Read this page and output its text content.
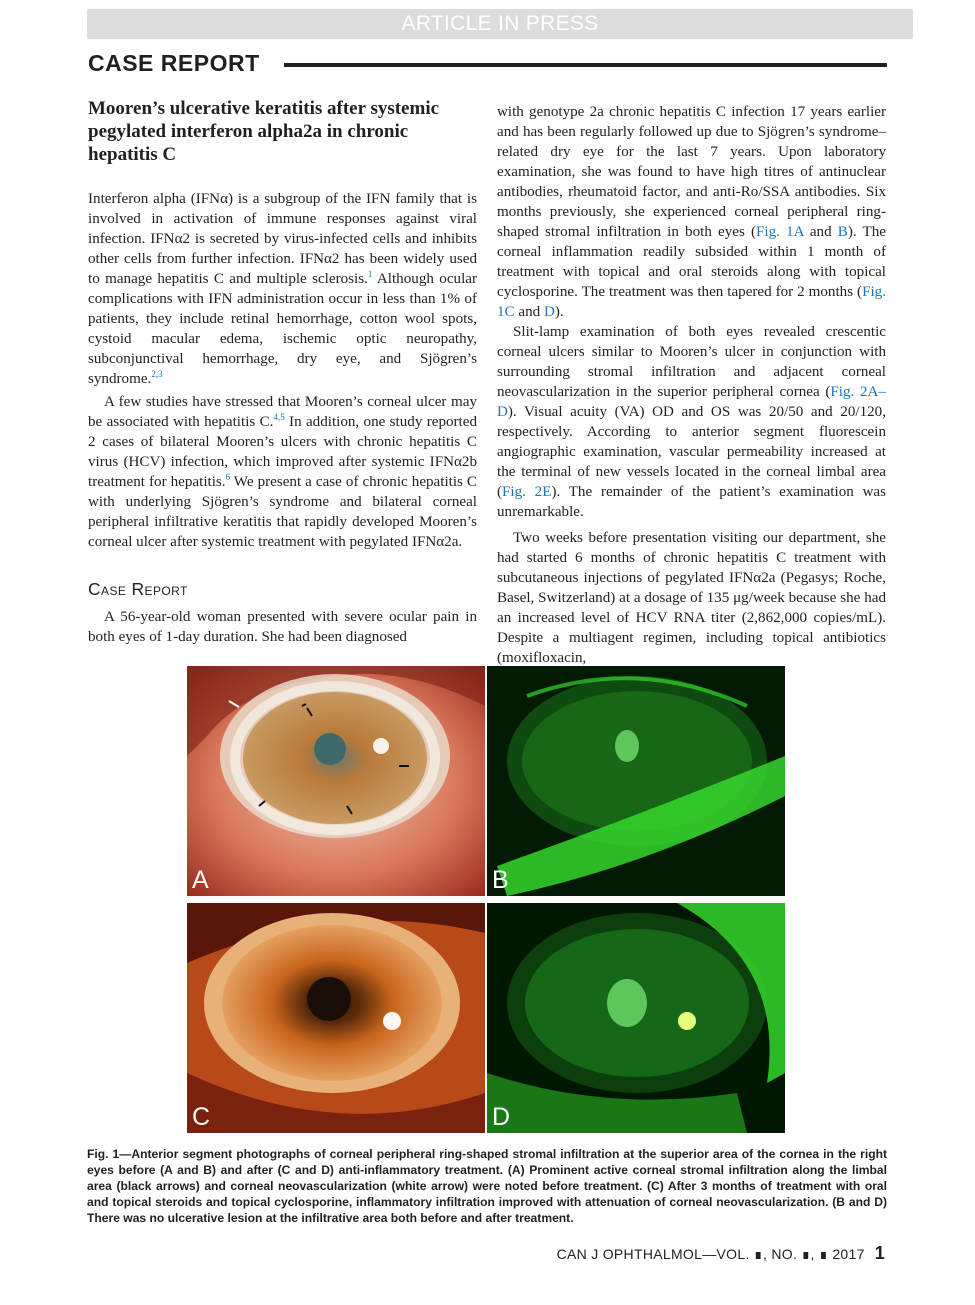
ARTICLE IN PRESS
CASE REPORT
Mooren’s ulcerative keratitis after systemic pegylated interferon alpha2a in chronic hepatitis C

Interferon alpha (IFNα) is a subgroup of the IFN family that is involved in activation of immune responses against viral infection. IFNα2 is secreted by virus-infected cells and inhibits other cells from further infection. IFNα2 has been widely used to manage hepatitis C and multiple sclerosis.$^1$ Although ocular complications with IFN administration occur in less than 1% of patients, they include retinal hemorrhage, cotton wool spots, cystoid macular edema, ischemic optic neuropathy, subconjunctival hemorrhage, dry eye, and Sjögren’s syndrome.$^{2,3}$

A few studies have stressed that Mooren’s corneal ulcer may be associated with hepatitis C.$^{4,5}$ In addition, one study reported 2 cases of bilateral Mooren’s ulcers with chronic hepatitis C virus (HCV) infection, which improved after systemic IFNα2b treatment for hepatitis.$^6$ We present a case of chronic hepatitis C with underlying Sjögren’s syndrome and bilateral corneal peripheral infiltrative keratitis that rapidly developed Mooren’s corneal ulcer after systemic treatment with pegylated IFNα2a.

Case Report

A 56-year-old woman presented with severe ocular pain in both eyes of 1-day duration. She had been diagnosed

with genotype 2a chronic hepatitis C infection 17 years earlier and has been regularly followed up due to Sjögren’s syndrome–related dry eye for the last 7 years. Upon laboratory examination, she was found to have high titres of antinuclear antibodies, rheumatoid factor, and anti-Ro/SSA antibodies. Six months previously, she experienced corneal peripheral ring-shaped stromal infiltration in both eyes (Fig. 1A and B). The corneal inflammation readily subsided within 1 month of treatment with topical and oral steroids along with topical cyclosporine. The treatment was then tapered for 2 months (Fig. 1C and D).

Slit-lamp examination of both eyes revealed crescentic corneal ulcers similar to Mooren’s ulcer in conjunction with surrounding stromal infiltration and adjacent corneal neovascularization in the superior peripheral cornea (Fig. 2A–D). Visual acuity (VA) OD and OS was 20/50 and 20/120, respectively. According to anterior segment fluorescein angiographic examination, vascular permeability increased at the terminal of new vessels located in the corneal limbal area (Fig. 2E). The remainder of the patient’s examination was unremarkable.

Two weeks before presentation visiting our department, she had started 6 months of chronic hepatitis C treatment with subcutaneous injections of pegylated IFNα2a (Pegasys; Roche, Basel, Switzerland) at a dosage of 135 μg/week because she had an increased level of HCV RNA titer (2,862,000 copies/mL). Despite a multiagent regimen, including topical antibiotics (moxifloxacin,

A	B
C	D
Fig. 1—Anterior segment photographs of corneal peripheral ring-shaped stromal infiltration at the superior area of the cornea in the right eyes before (A and B) and after (C and D) anti-inflammatory treatment. (A) Prominent active corneal stromal infiltration along the limbal area (black arrows) and corneal neovascularization (white arrow) were noted before treatment. (C) After 3 months of treatment with oral and topical steroids and topical cyclosporine, inflammatory infiltration improved with attenuation of corneal neovascularization. (B and D) There was no ulcerative lesion at the infiltrative area both before and after treatment.
CAN J OPHTHALMOL—VOL. ∎, NO. ∎, ∎ 2017 1
